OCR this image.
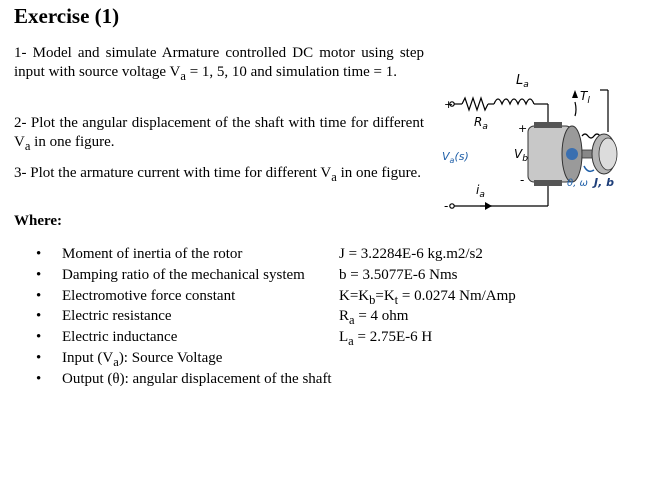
Exercise (1)
1- Model and simulate Armature controlled DC motor using step input with source voltage $V_a = 1$, 5, 10 and simulation time = 1.
2- Plot the angular displacement of the shaft with time for different $V_a$ in one figure.
3- Plot the armature current with time for different $V_a$ in one figure.
Where:
• Moment of inertia of the rotor	J = 3.2284E-6 kg.m2/s2
• Damping ratio of the mechanical system b = 3.5077E-6 Nms
• Electromotive force constant	$K=K_b=K_t = 0.0274$ Nm/Amp
• Electric resistance	$R_a = 4$ ohm
• Electric inductance	$L_a = 2.75E-6$ H
• Input $(V_a)$: Source Voltage
• Output (θ): angular displacement of the shaft
$L_a$
$R_a$
$T_l$
$V_a(s)$	$V_b$
$i_a$
θ, ω J, b
+
-
+
-
